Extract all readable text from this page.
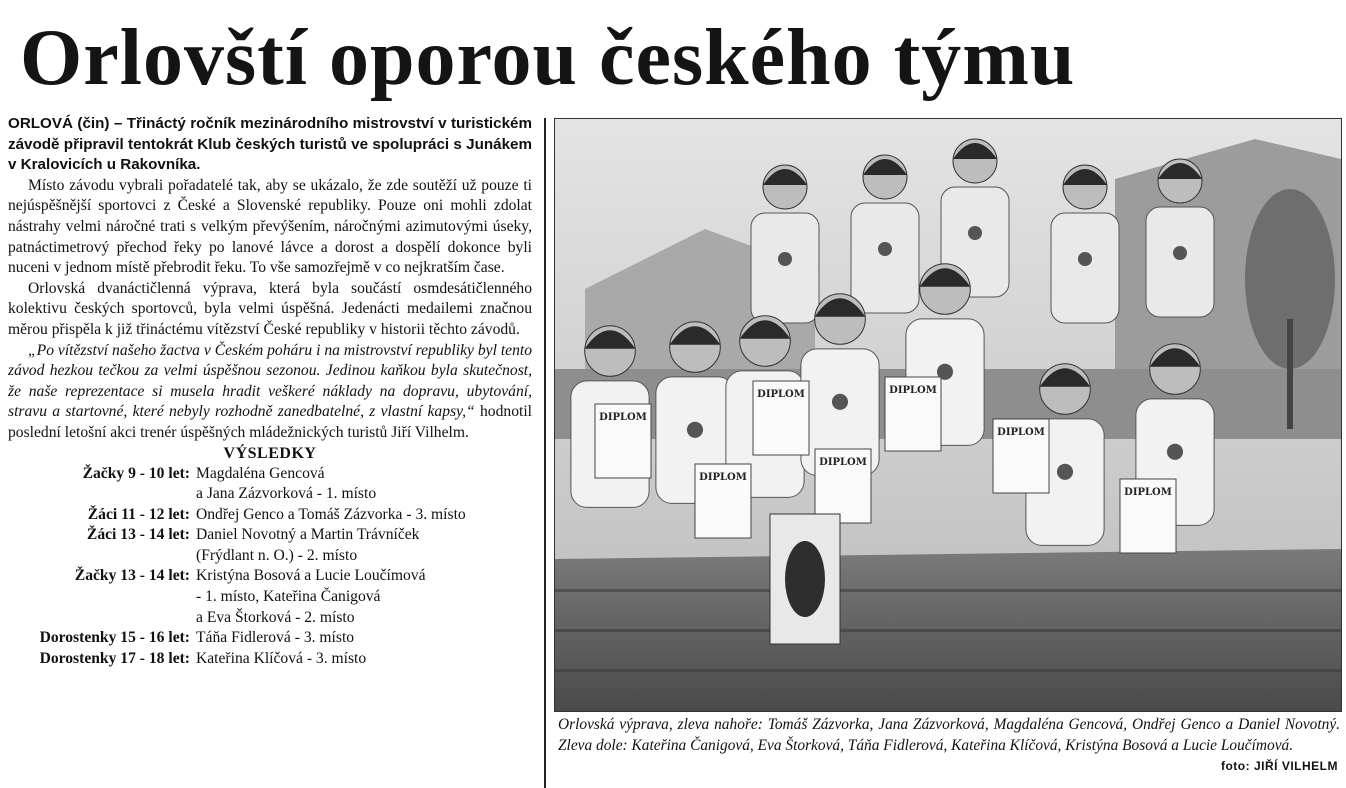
Orlovští oporou českého týmu

ORLOVÁ (čin) – Třináctý ročník mezinárodního mistrovství v turistickém závodě připravil tentokrát Klub českých turistů ve spolupráci s Junákem v Kralovicích u Rakovníka.

Místo závodu vybrali pořadatelé tak, aby se ukázalo, že zde soutěží už pouze ti nejúspěšnější sportovci z České a Slovenské republiky. Pouze oni mohli zdolat nástrahy velmi náročné trati s velkým převýšením, náročnými azimutovými úseky, patnáctimetrový přechod řeky po lanové lávce a dorost a dospělí dokonce byli nuceni v jednom místě přebrodit řeku. To vše samozřejmě v co nejkratším čase.

Orlovská dvanáctičlenná výprava, která byla součástí osmdesátičlenného kolektivu českých sportovců, byla velmi úspěšná. Jedenácti medailemi značnou měrou přispěla k již třináctému vítězství České republiky v historii těchto závodů.

„Po vítězství našeho žactva v Českém poháru i na mistrovství republiky byl tento závod hezkou tečkou za velmi úspěšnou sezonou. Jedinou kaňkou byla skutečnost, že naše reprezentace si musela hradit veškeré náklady na dopravu, ubytování, stravu a startovné, které nebyly rozhodně zanedbatelné, z vlastní kapsy,“ hodnotil poslední letošní akci trenér úspěšných mládežnických turistů Jiří Vilhelm.

VÝSLEDKY

Žačky 9 - 10 let:	Magdaléna Gencová
	a Jana Zázvorková - 1. místo
Žáci 11 - 12 let:	Ondřej Genco a Tomáš Zázvorka - 3. místo
Žáci 13 - 14 let:	Daniel Novotný a Martin Trávníček
	(Frýdlant n. O.) - 2. místo
Žačky 13 - 14 let:	Kristýna Bosová a Lucie Loučímová
	- 1. místo, Kateřina Čanigová
	a Eva Štorková - 2. místo
Dorostenky 15 - 16 let:	Táňa Fidlerová - 3. místo
Dorostenky 17 - 18 let:	Kateřina Klíčová - 3. místo
DIPLOM
DIPLOM	DIPLOM
DIPLOM
DIPLOM
DIPLOM
DIPLOM
Orlovská výprava, zleva nahoře: Tomáš Zázvorka, Jana Zázvorková, Magdaléna Gencová, Ondřej Genco a Daniel Novotný. Zleva dole: Kateřina Čanigová, Eva Štorková, Táňa Fidlerová, Kateřina Klíčová, Kristýna Bosová a Lucie Loučímová.
foto: JIŘÍ VILHELM
